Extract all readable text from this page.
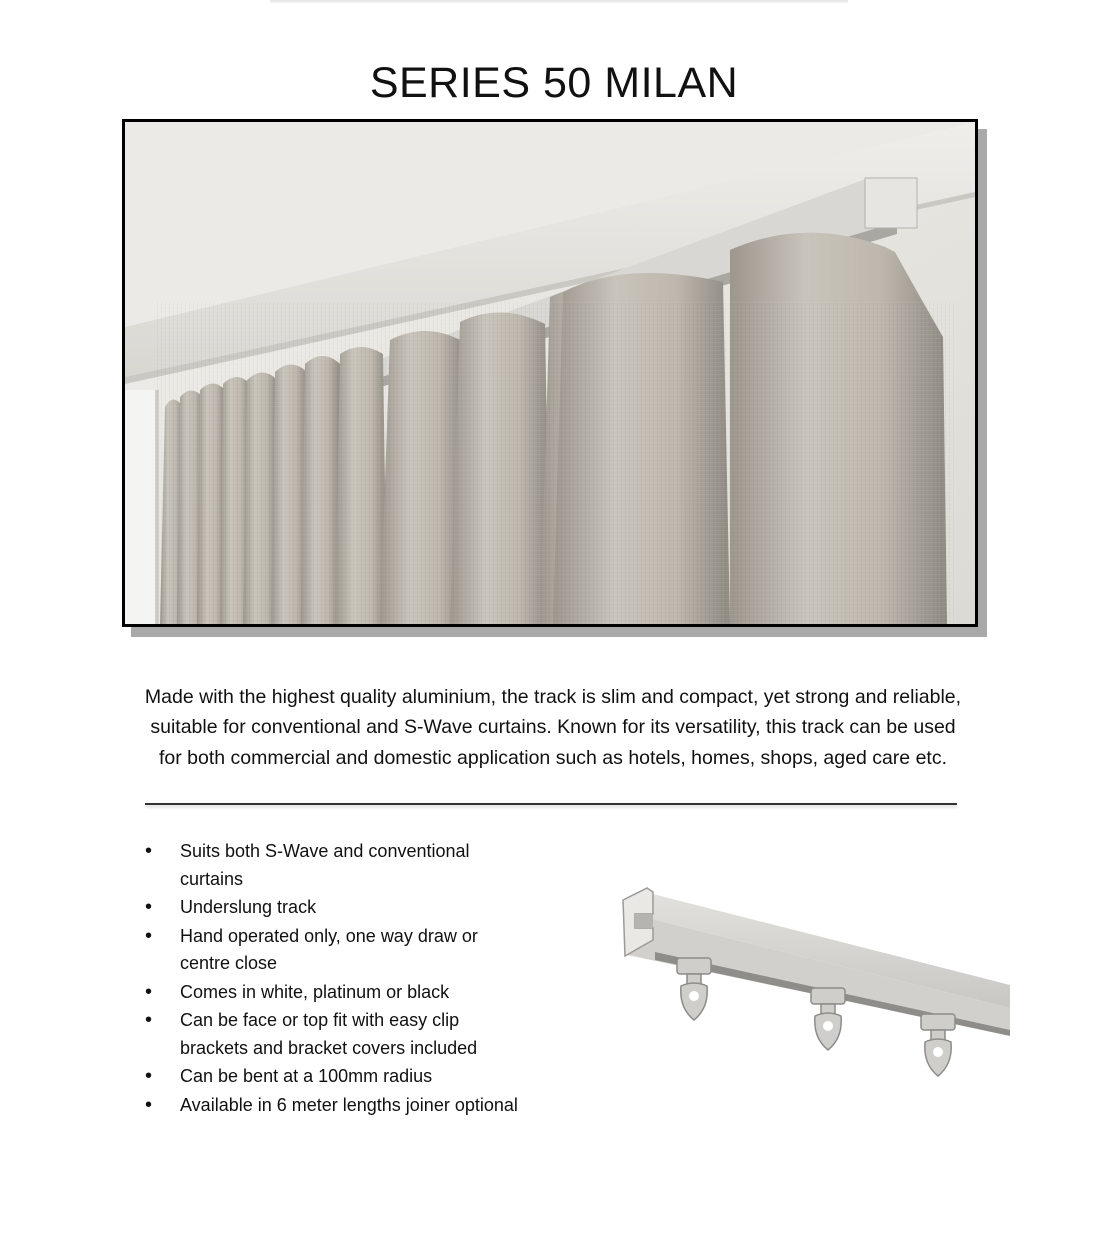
SERIES 50 MILAN

Made with the highest quality aluminium, the track is slim and compact, yet strong and reliable, suitable for conventional and S-Wave curtains. Known for its versatility, this track can be used for both commercial and domestic application such as hotels, homes, shops, aged care etc.

• Suits both S-Wave and conventional curtains
• Underslung track
• Hand operated only, one way draw or centre close
• Comes in white, platinum or black
• Can be face or top fit with easy clip brackets and bracket covers included
• Can be bent at a 100mm radius
• Available in 6 meter lengths joiner optional
